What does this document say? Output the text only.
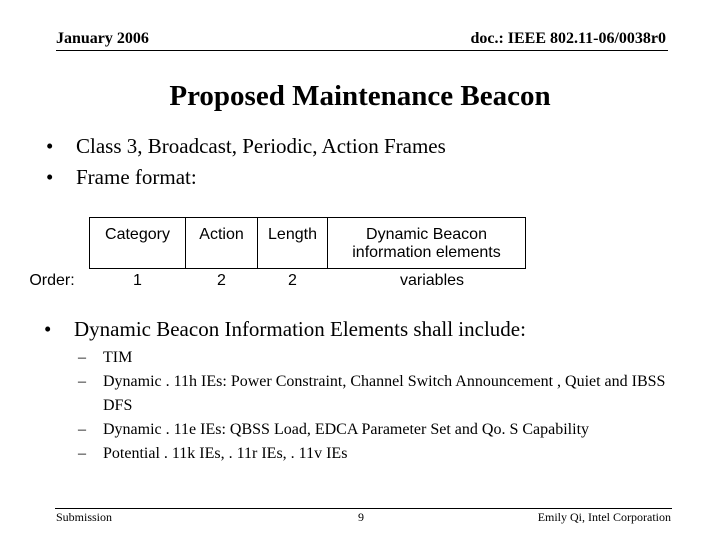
January 2006	doc.: IEEE 802.11-06/0038r0
Proposed Maintenance Beacon
• Class 3, Broadcast, Periodic, Action Frames
• Frame format:
Category	Action	Length	Dynamic Beacon information elements
Order:	1	2	2	variables
• Dynamic Beacon Information Elements shall include:
– TIM
– Dynamic . 11h IEs: Power Constraint, Channel Switch Announcement , Quiet and IBSS DFS
– Dynamic . 11e IEs: QBSS Load, EDCA Parameter Set and Qo. S Capability
– Potential . 11k IEs, . 11r IEs, . 11v IEs
Submission	9	Emily Qi, Intel Corporation
